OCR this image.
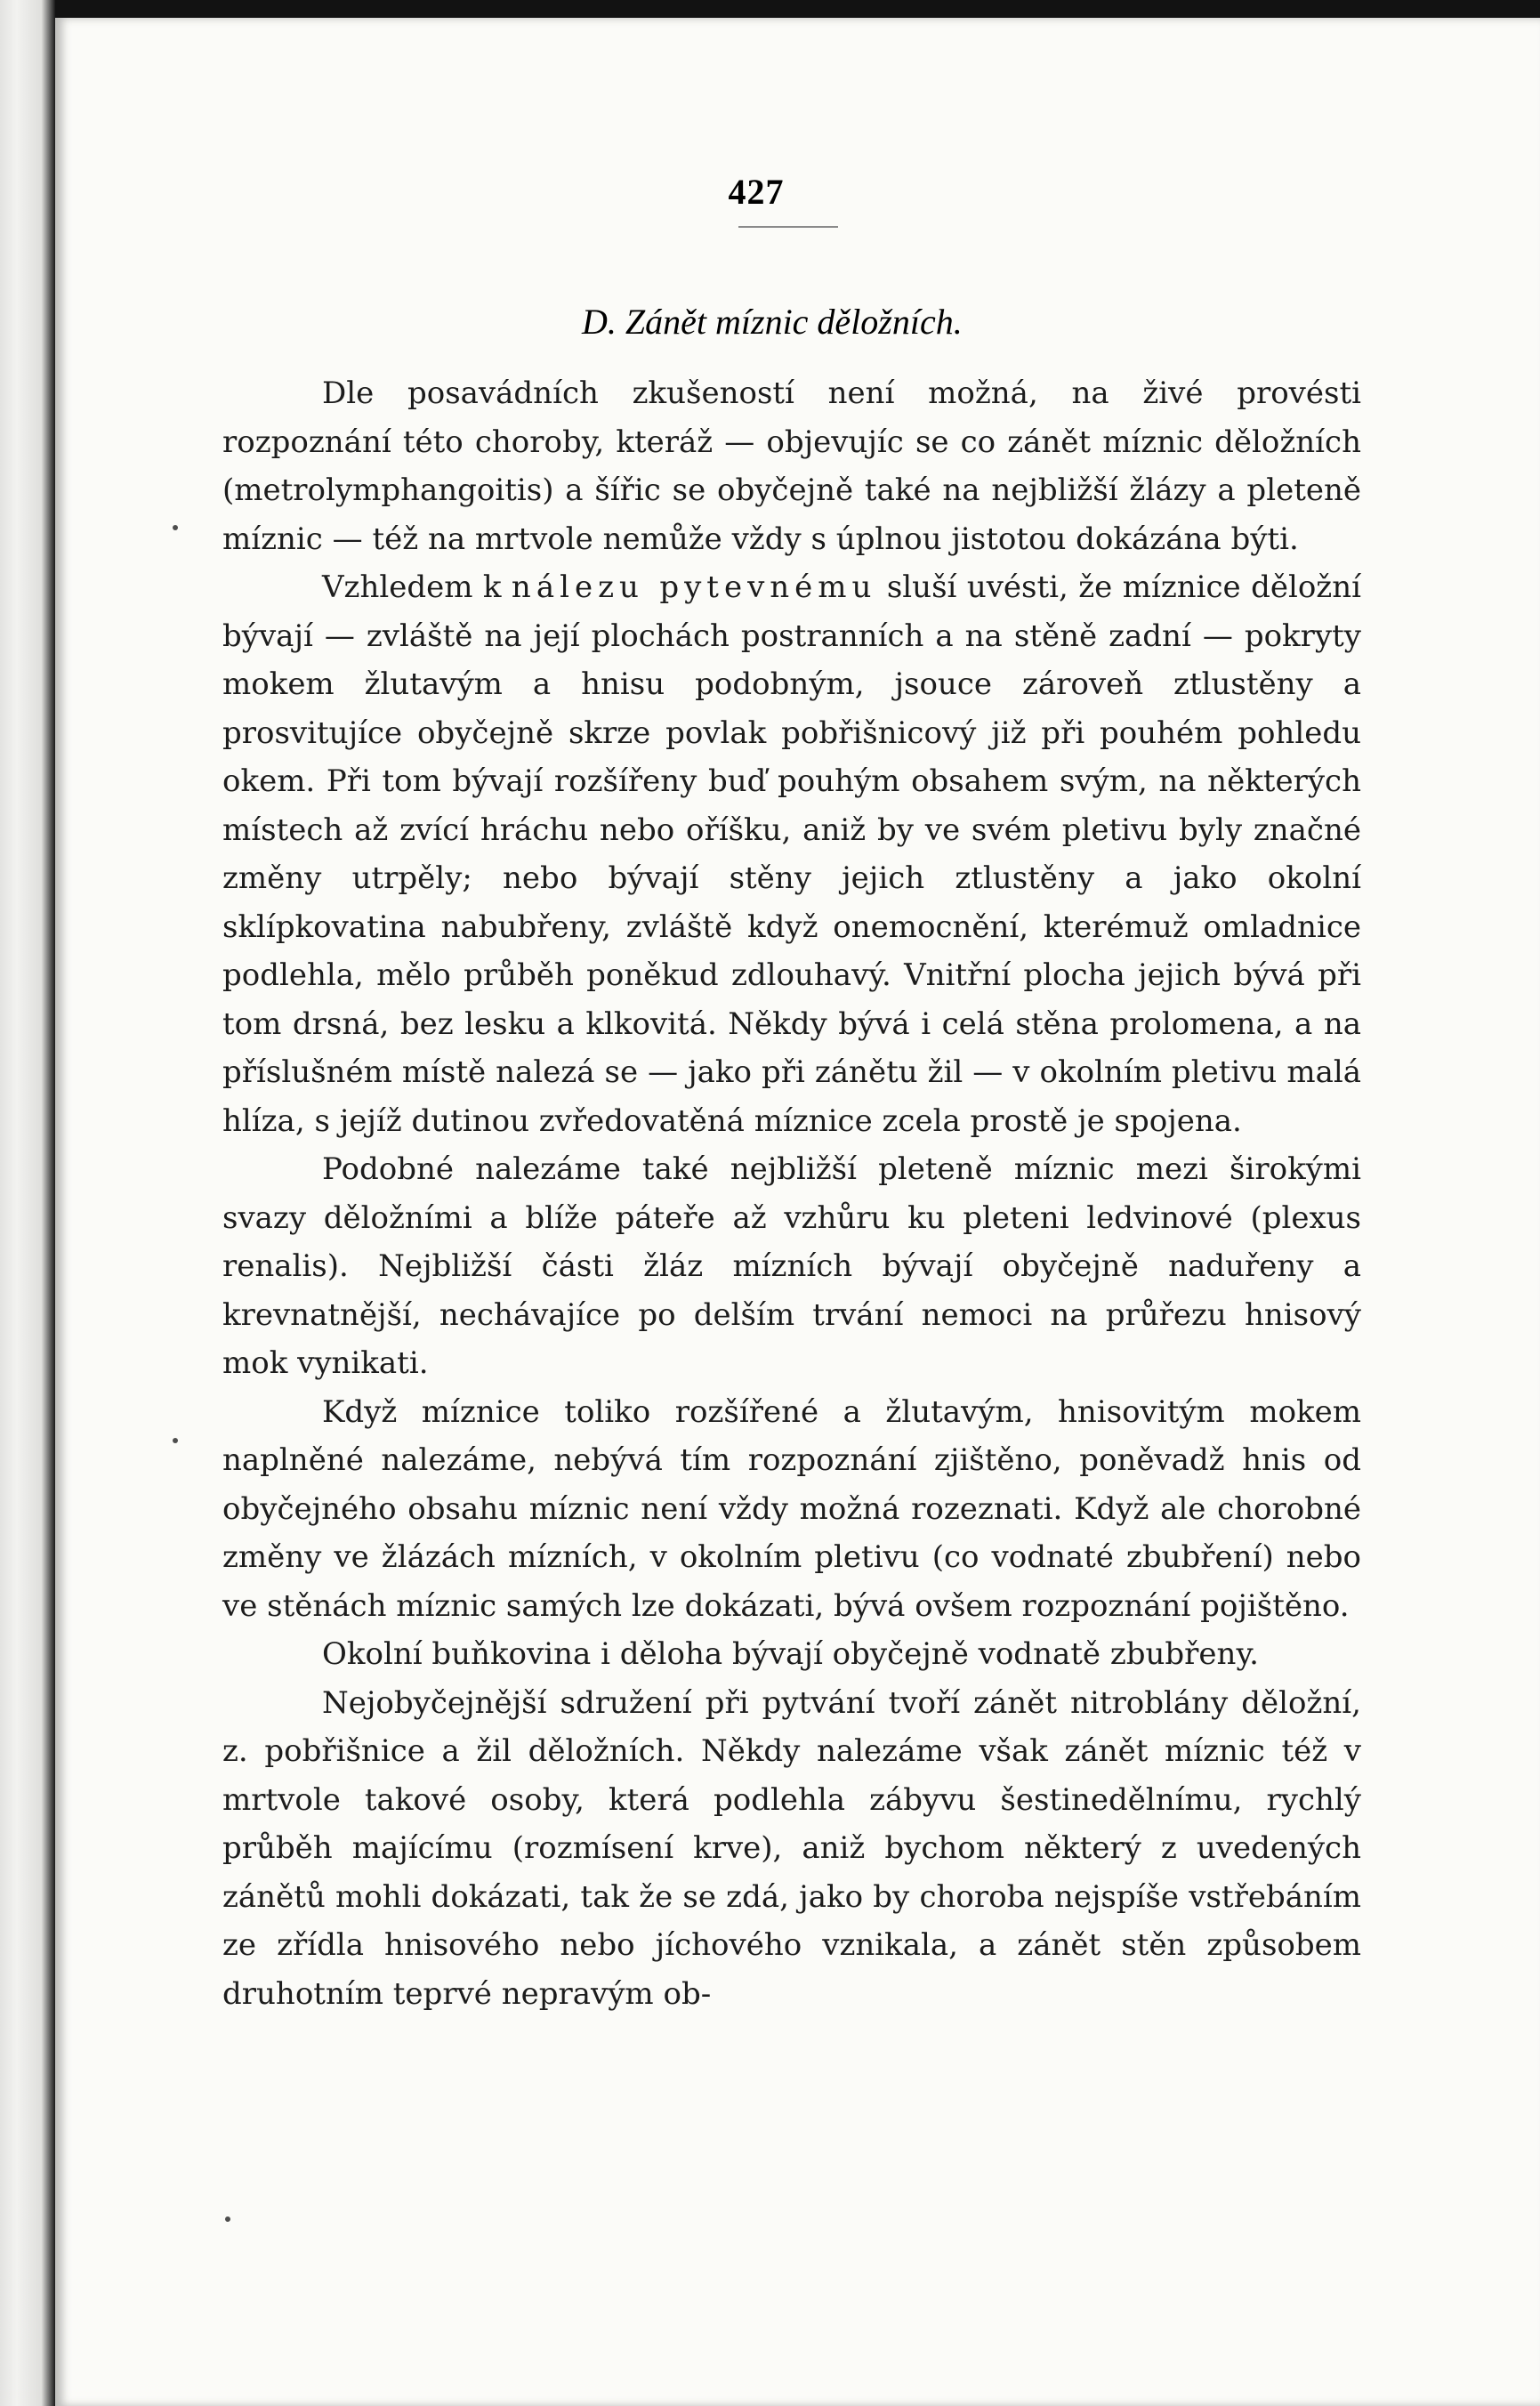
427
D. Zánět míznic děložních.

Dle posavádních zkušeností není možná, na živé provésti rozpoznání této choroby, kteráž — objevujíc se co zánět míznic děložních (metrolymphangoitis) a šířic se obyčejně také na nejbližší žlázy a pleteně míznic — též na mrtvole nemůže vždy s úplnou jistotou dokázána býti.

Vzhledem k nálezu pytevnému sluší uvésti, že míznice děložní bývají — zvláště na její plochách postranních a na stěně zadní — pokryty mokem žlutavým a hnisu podobným, jsouce zároveň ztlustěny a prosvitujíce obyčejně skrze povlak pobřišnicový již při pouhém pohledu okem. Při tom bývají rozšířeny buď pouhým obsahem svým, na některých místech až zvící hráchu nebo oříšku, aniž by ve svém pletivu byly značné změny utrpěly; nebo bývají stěny jejich ztlustěny a jako okolní sklípkovatina nabubřeny, zvláště když onemocnění, kterémuž omladnice podlehla, mělo průběh poněkud zdlouhavý. Vnitřní plocha jejich bývá při tom drsná, bez lesku a klkovitá. Někdy bývá i celá stěna prolomena, a na příslušném místě nalezá se — jako při zánětu žil — v okolním pletivu malá hlíza, s jejíž dutinou zvředovatěná míznice zcela prostě je spojena.

Podobné nalezáme také nejbližší pleteně míznic mezi širokými svazy děložními a blíže páteře až vzhůru ku pleteni ledvinové (plexus renalis). Nejbližší části žláz mízních bývají obyčejně naduřeny a krevnatnější, nechávajíce po delším trvání nemoci na průřezu hnisový mok vynikati.

Když míznice toliko rozšířené a žlutavým, hnisovitým mokem naplněné nalezáme, nebývá tím rozpoznání zjištěno, poněvadž hnis od obyčejného obsahu míznic není vždy možná rozeznati. Když ale chorobné změny ve žlázách mízních, v okolním pletivu (co vodnaté zbubření) nebo ve stěnách míznic samých lze dokázati, bývá ovšem rozpoznání pojištěno.

Okolní buňkovina i děloha bývají obyčejně vodnatě zbubřeny.

Nejobyčejnější sdružení při pytvání tvoří zánět nitroblány děložní, z. pobřišnice a žil děložních. Někdy nalezáme však zánět míznic též v mrtvole takové osoby, která podlehla zábyvu šestinedělnímu, rychlý průběh majícímu (rozmísení krve), aniž bychom některý z uvedených zánětů mohli dokázati, tak že se zdá, jako by choroba nejspíše vstřebáním ze zřídla hnisového nebo jíchového vznikala, a zánět stěn způsobem druhotním teprvé nepravým ob-
